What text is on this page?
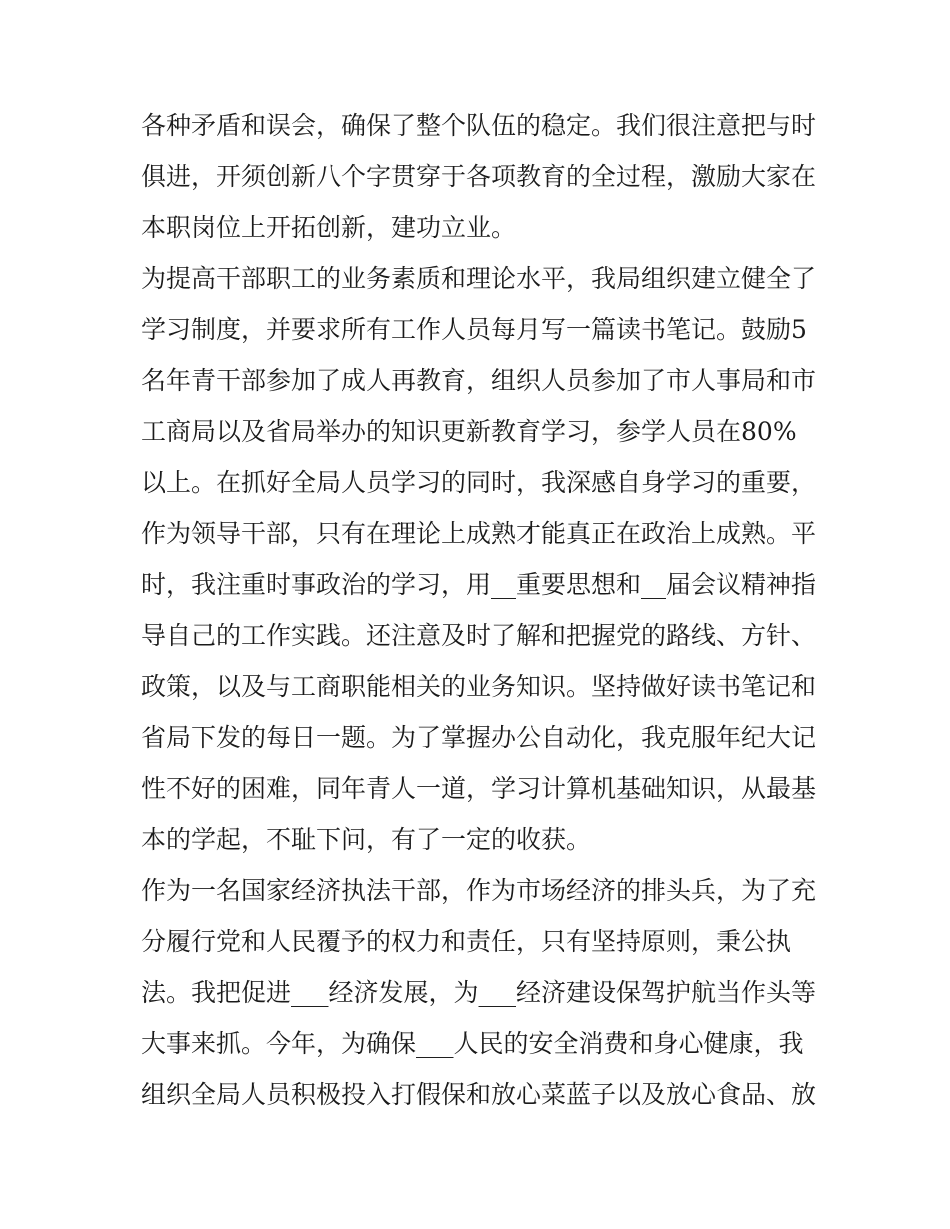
各种矛盾和误会，确保了整个队伍的稳定。我们很注意把与时
俱进，开须创新八个字贯穿于各项教育的全过程，激励大家在
本职岗位上开拓创新，建功立业。
为提高干部职工的业务素质和理论水平，我局组织建立健全了
学习制度，并要求所有工作人员每月写一篇读书笔记。鼓励5
名年青干部参加了成人再教育，组织人员参加了市人事局和市
工商局以及省局举办的知识更新教育学习，参学人员在80%
以上。在抓好全局人员学习的同时，我深感自身学习的重要，
作为领导干部，只有在理论上成熟才能真正在政治上成熟。平
时，我注重时事政治的学习，用__重要思想和__届会议精神指
导自己的工作实践。还注意及时了解和把握党的路线、方针、
政策，以及与工商职能相关的业务知识。坚持做好读书笔记和
省局下发的每日一题。为了掌握办公自动化，我克服年纪大记
性不好的困难，同年青人一道，学习计算机基础知识，从最基
本的学起，不耻下问，有了一定的收获。
作为一名国家经济执法干部，作为市场经济的排头兵，为了充
分履行党和人民覆予的权力和责任，只有坚持原则，秉公执
法。我把促进___经济发展，为___经济建设保驾护航当作头等
大事来抓。今年，为确保___人民的安全消费和身心健康，我
组织全局人员积极投入打假保和放心菜蓝子以及放心食品、放
